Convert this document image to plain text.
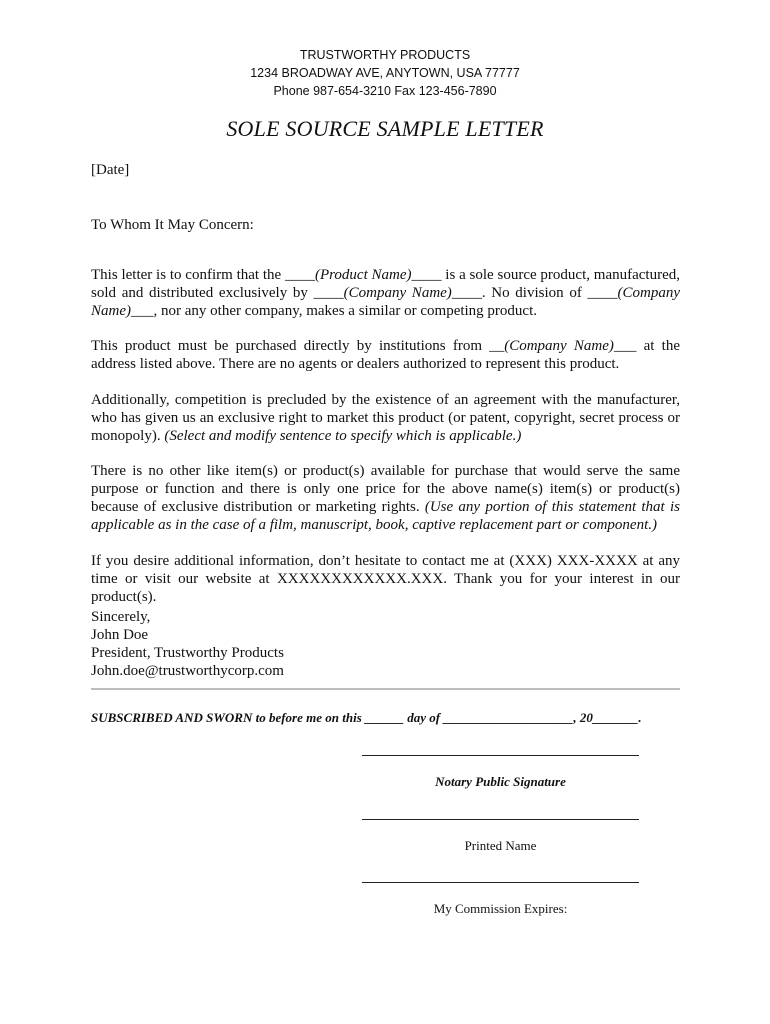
TRUSTWORTHY PRODUCTS
1234 BROADWAY AVE, ANYTOWN, USA 77777
Phone 987-654-3210 Fax 123-456-7890
SOLE SOURCE SAMPLE LETTER
[Date]
To Whom It May Concern:

This letter is to confirm that the ____(Product Name)____ is a sole source product, manufactured, sold and distributed exclusively by ____(Company Name)____. No division of ____(Company Name)___, nor any other company, makes a similar or competing product.

This product must be purchased directly by institutions from __(Company Name)___ at the address listed above. There are no agents or dealers authorized to represent this product.

Additionally, competition is precluded by the existence of an agreement with the manufacturer, who has given us an exclusive right to market this product (or patent, copyright, secret process or monopoly). (Select and modify sentence to specify which is applicable.)

There is no other like item(s) or product(s) available for purchase that would serve the same purpose or function and there is only one price for the above name(s) item(s) or product(s) because of exclusive distribution or marketing rights. (Use any portion of this statement that is applicable as in the case of a film, manuscript, book, captive replacement part or component.)

If you desire additional information, don’t hesitate to contact me at (XXX) XXX-XXXX at any time or visit our website at XXXXXXXXXXXX.XXX. Thank you for your interest in our product(s).

Sincerely,
John Doe
President, Trustworthy Products
John.doe@trustworthycorp.com
SUBSCRIBED AND SWORN to before me on this ______ day of ____________________, 20_______.
Notary Public Signature
Printed Name
My Commission Expires:
